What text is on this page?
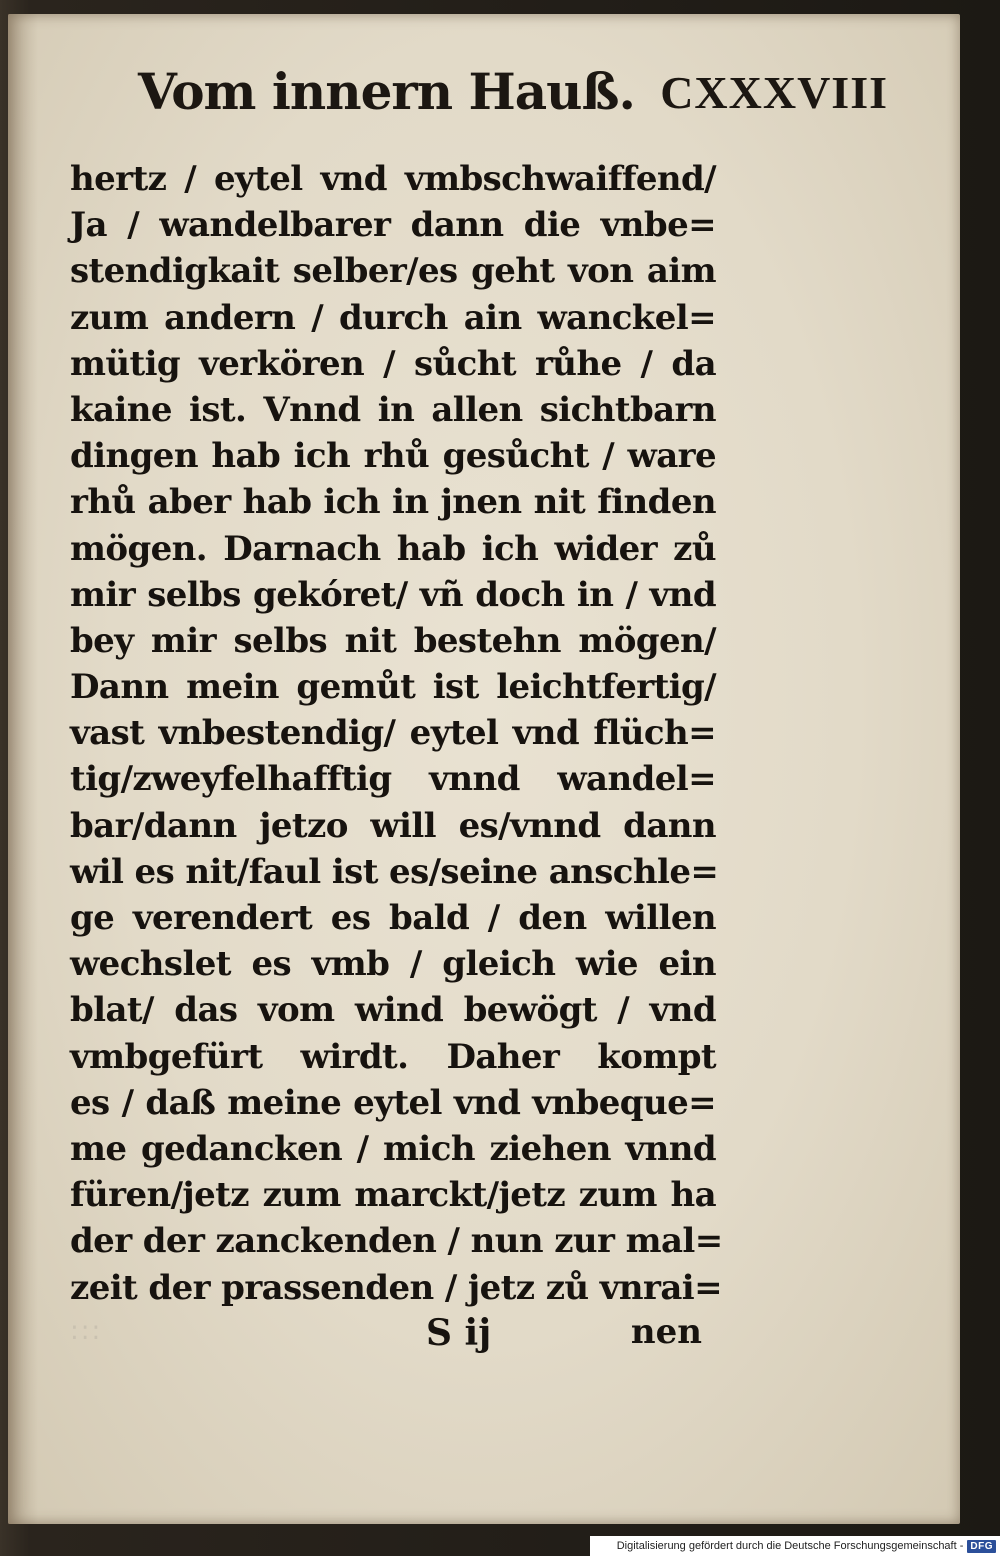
Vom innern Hauß. CXXXVIII
hertz / eytel vnd vmbschwaiffend/
Ja / wandelbarer dann die vnbe=
stendigkait selber/es geht von aim
zum andern / durch ain wanckel=
mütig verkören / sůcht růhe / da
kaine ist. Vnnd in allen sichtbarn
dingen hab ich rhů gesůcht / ware
rhů aber hab ich in jnen nit finden
mögen. Darnach hab ich wider zů
mir selbs gekóret/ vñ doch in / vnd
bey mir selbs nit bestehn mögen/
Dann mein gemůt ist leichtfertig/
vast vnbestendig/ eytel vnd flüch=
tig/zweyfelhafftig vnnd wandel=
bar/dann jetzo will es/vnnd dann
wil es nit/faul ist es/seine anschle=
ge verendert es bald / den willen
wechslet es vmb / gleich wie ein
blat/ das vom wind bewögt / vnd
vmbgefürt wirdt. Daher kompt
es / daß meine eytel vnd vnbeque=
me gedancken / mich ziehen vnnd
füren/jetz zum marckt/jetz zum ha
der der zanckenden / nun zur mal=
zeit der prassenden / jetz zů vnrai=
:::	S ij	nen
Digitalisierung gefördert durch die Deutsche Forschungsgemeinschaft - DFG
